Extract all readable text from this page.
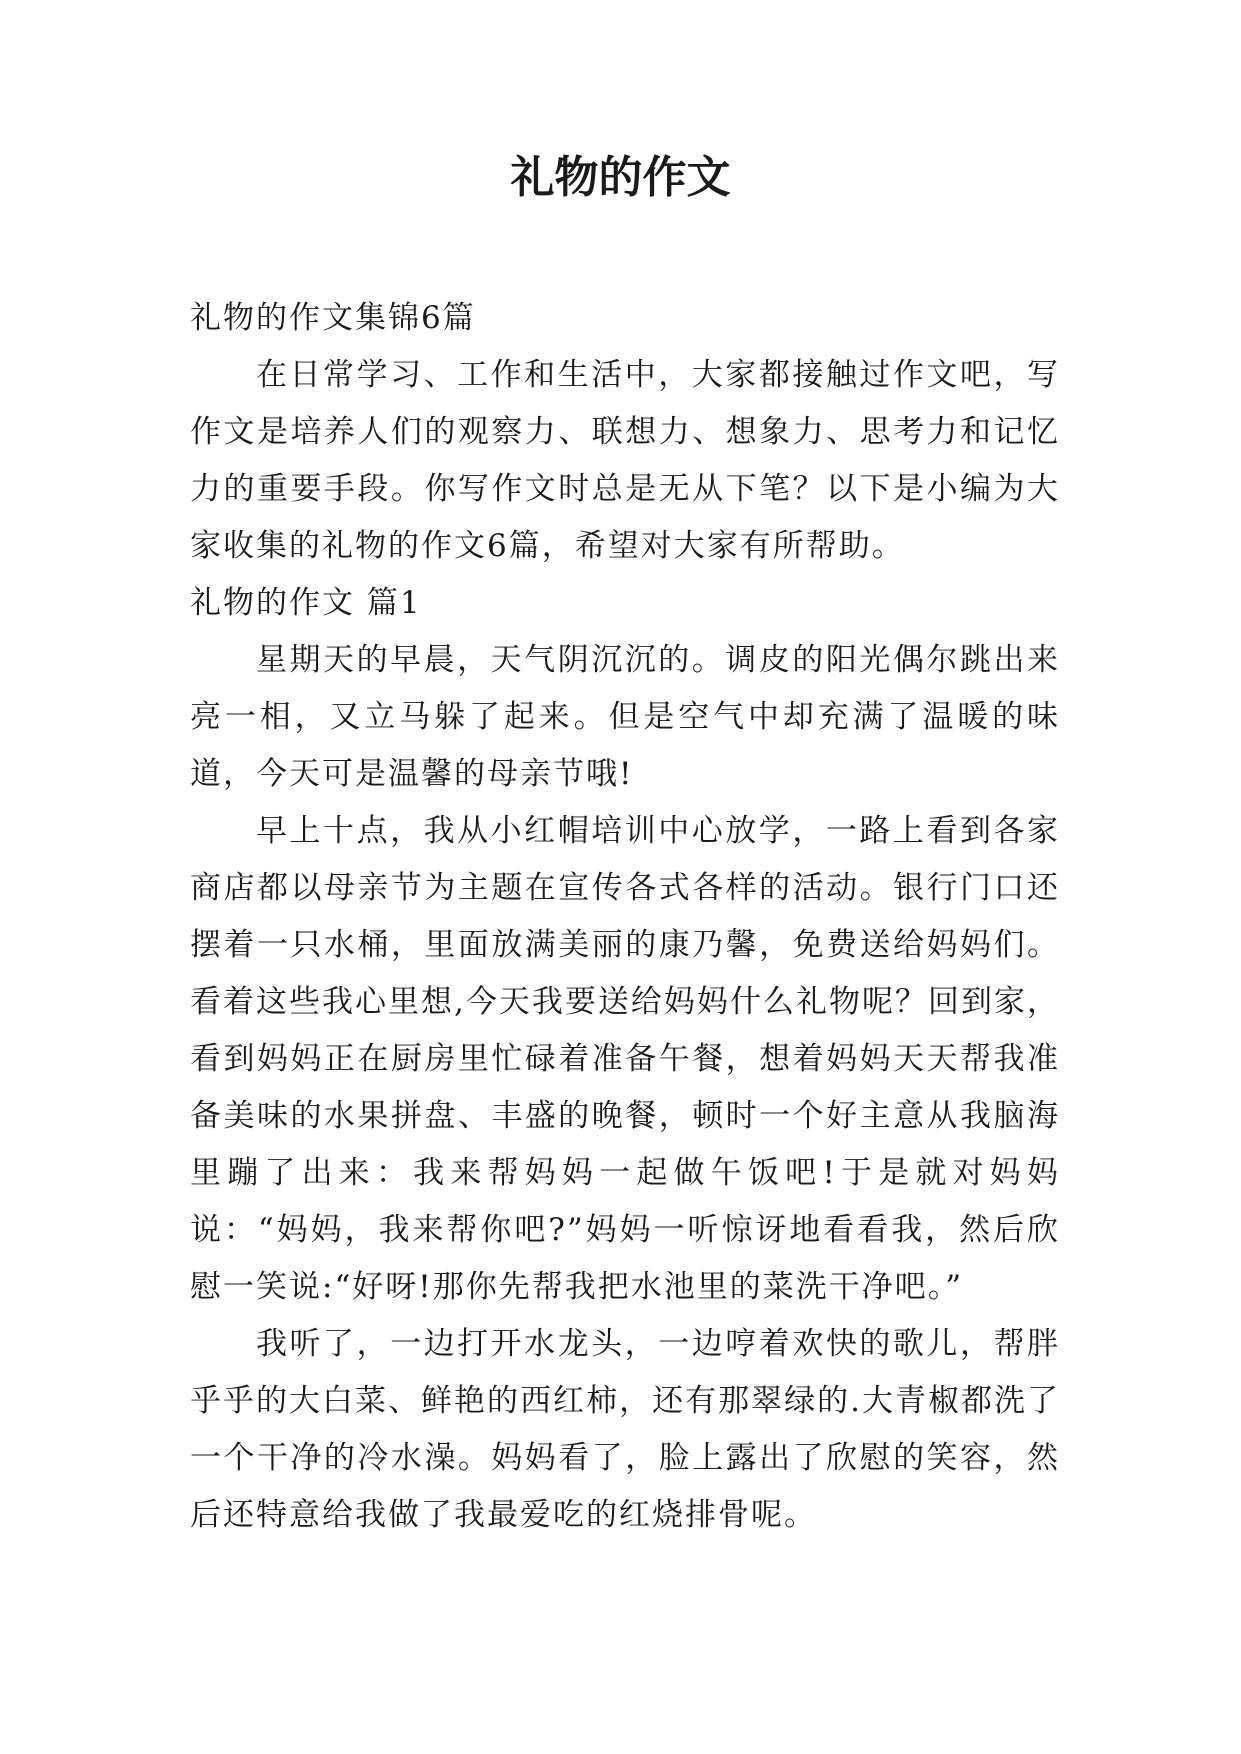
礼物的作文

礼物的作文集锦6篇

在日常学习、工作和生活中，大家都接触过作文吧，写作文是培养人们的观察力、联想力、想象力、思考力和记忆力的重要手段。你写作文时总是无从下笔？以下是小编为大家收集的礼物的作文6篇，希望对大家有所帮助。

礼物的作文 篇1

星期天的早晨，天气阴沉沉的。调皮的阳光偶尔跳出来亮一相，又立马躲了起来。但是空气中却充满了温暖的味道，今天可是温馨的母亲节哦!

早上十点，我从小红帽培训中心放学，一路上看到各家商店都以母亲节为主题在宣传各式各样的活动。银行门口还摆着一只水桶，里面放满美丽的康乃馨，免费送给妈妈们。看着这些我心里想,今天我要送给妈妈什么礼物呢？回到家，看到妈妈正在厨房里忙碌着准备午餐，想着妈妈天天帮我准备美味的水果拼盘、丰盛的晚餐，顿时一个好主意从我脑海里蹦了出来：我来帮妈妈一起做午饭吧!于是就对妈妈说：“妈妈，我来帮你吧?”妈妈一听惊讶地看看我，然后欣慰一笑说:“好呀!那你先帮我把水池里的菜洗干净吧。”

我听了，一边打开水龙头，一边哼着欢快的歌儿，帮胖乎乎的大白菜、鲜艳的西红柿，还有那翠绿的.大青椒都洗了一个干净的冷水澡。妈妈看了，脸上露出了欣慰的笑容，然后还特意给我做了我最爱吃的红烧排骨呢。
